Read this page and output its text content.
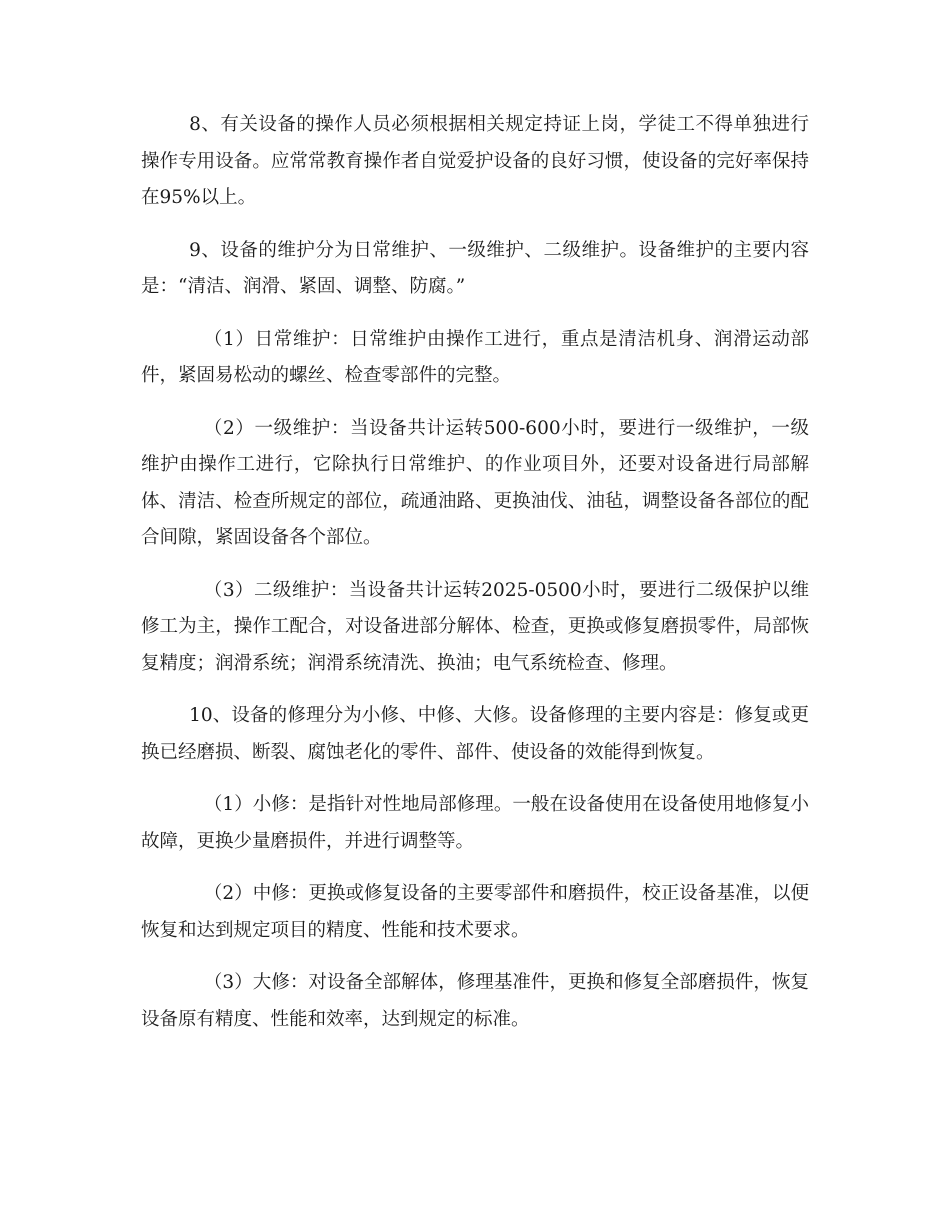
8、有关设备的操作人员必须根据相关规定持证上岗，学徒工不得单独进行操作专用设备。应常常教育操作者自觉爱护设备的良好习惯，使设备的完好率保持在95%以上。

9、设备的维护分为日常维护、一级维护、二级维护。设备维护的主要内容是：“清洁、润滑、紧固、调整、防腐。”

（1）日常维护：日常维护由操作工进行，重点是清洁机身、润滑运动部件，紧固易松动的螺丝、检查零部件的完整。

（2）一级维护：当设备共计运转500-600小时，要进行一级维护，一级维护由操作工进行，它除执行日常维护、的作业项目外，还要对设备进行局部解体、清洁、检查所规定的部位，疏通油路、更换油伐、油毡，调整设备各部位的配合间隙，紧固设备各个部位。

（3）二级维护：当设备共计运转2025-0500小时，要进行二级保护以维修工为主，操作工配合，对设备进部分解体、检查，更换或修复磨损零件，局部恢复精度；润滑系统；润滑系统清洗、换油；电气系统检查、修理。

10、设备的修理分为小修、中修、大修。设备修理的主要内容是：修复或更换已经磨损、断裂、腐蚀老化的零件、部件、使设备的效能得到恢复。

（1）小修：是指针对性地局部修理。一般在设备使用在设备使用地修复小故障，更换少量磨损件，并进行调整等。

（2）中修：更换或修复设备的主要零部件和磨损件，校正设备基准，以便恢复和达到规定项目的精度、性能和技术要求。

（3）大修：对设备全部解体，修理基准件，更换和修复全部磨损件，恢复设备原有精度、性能和效率，达到规定的标准。
